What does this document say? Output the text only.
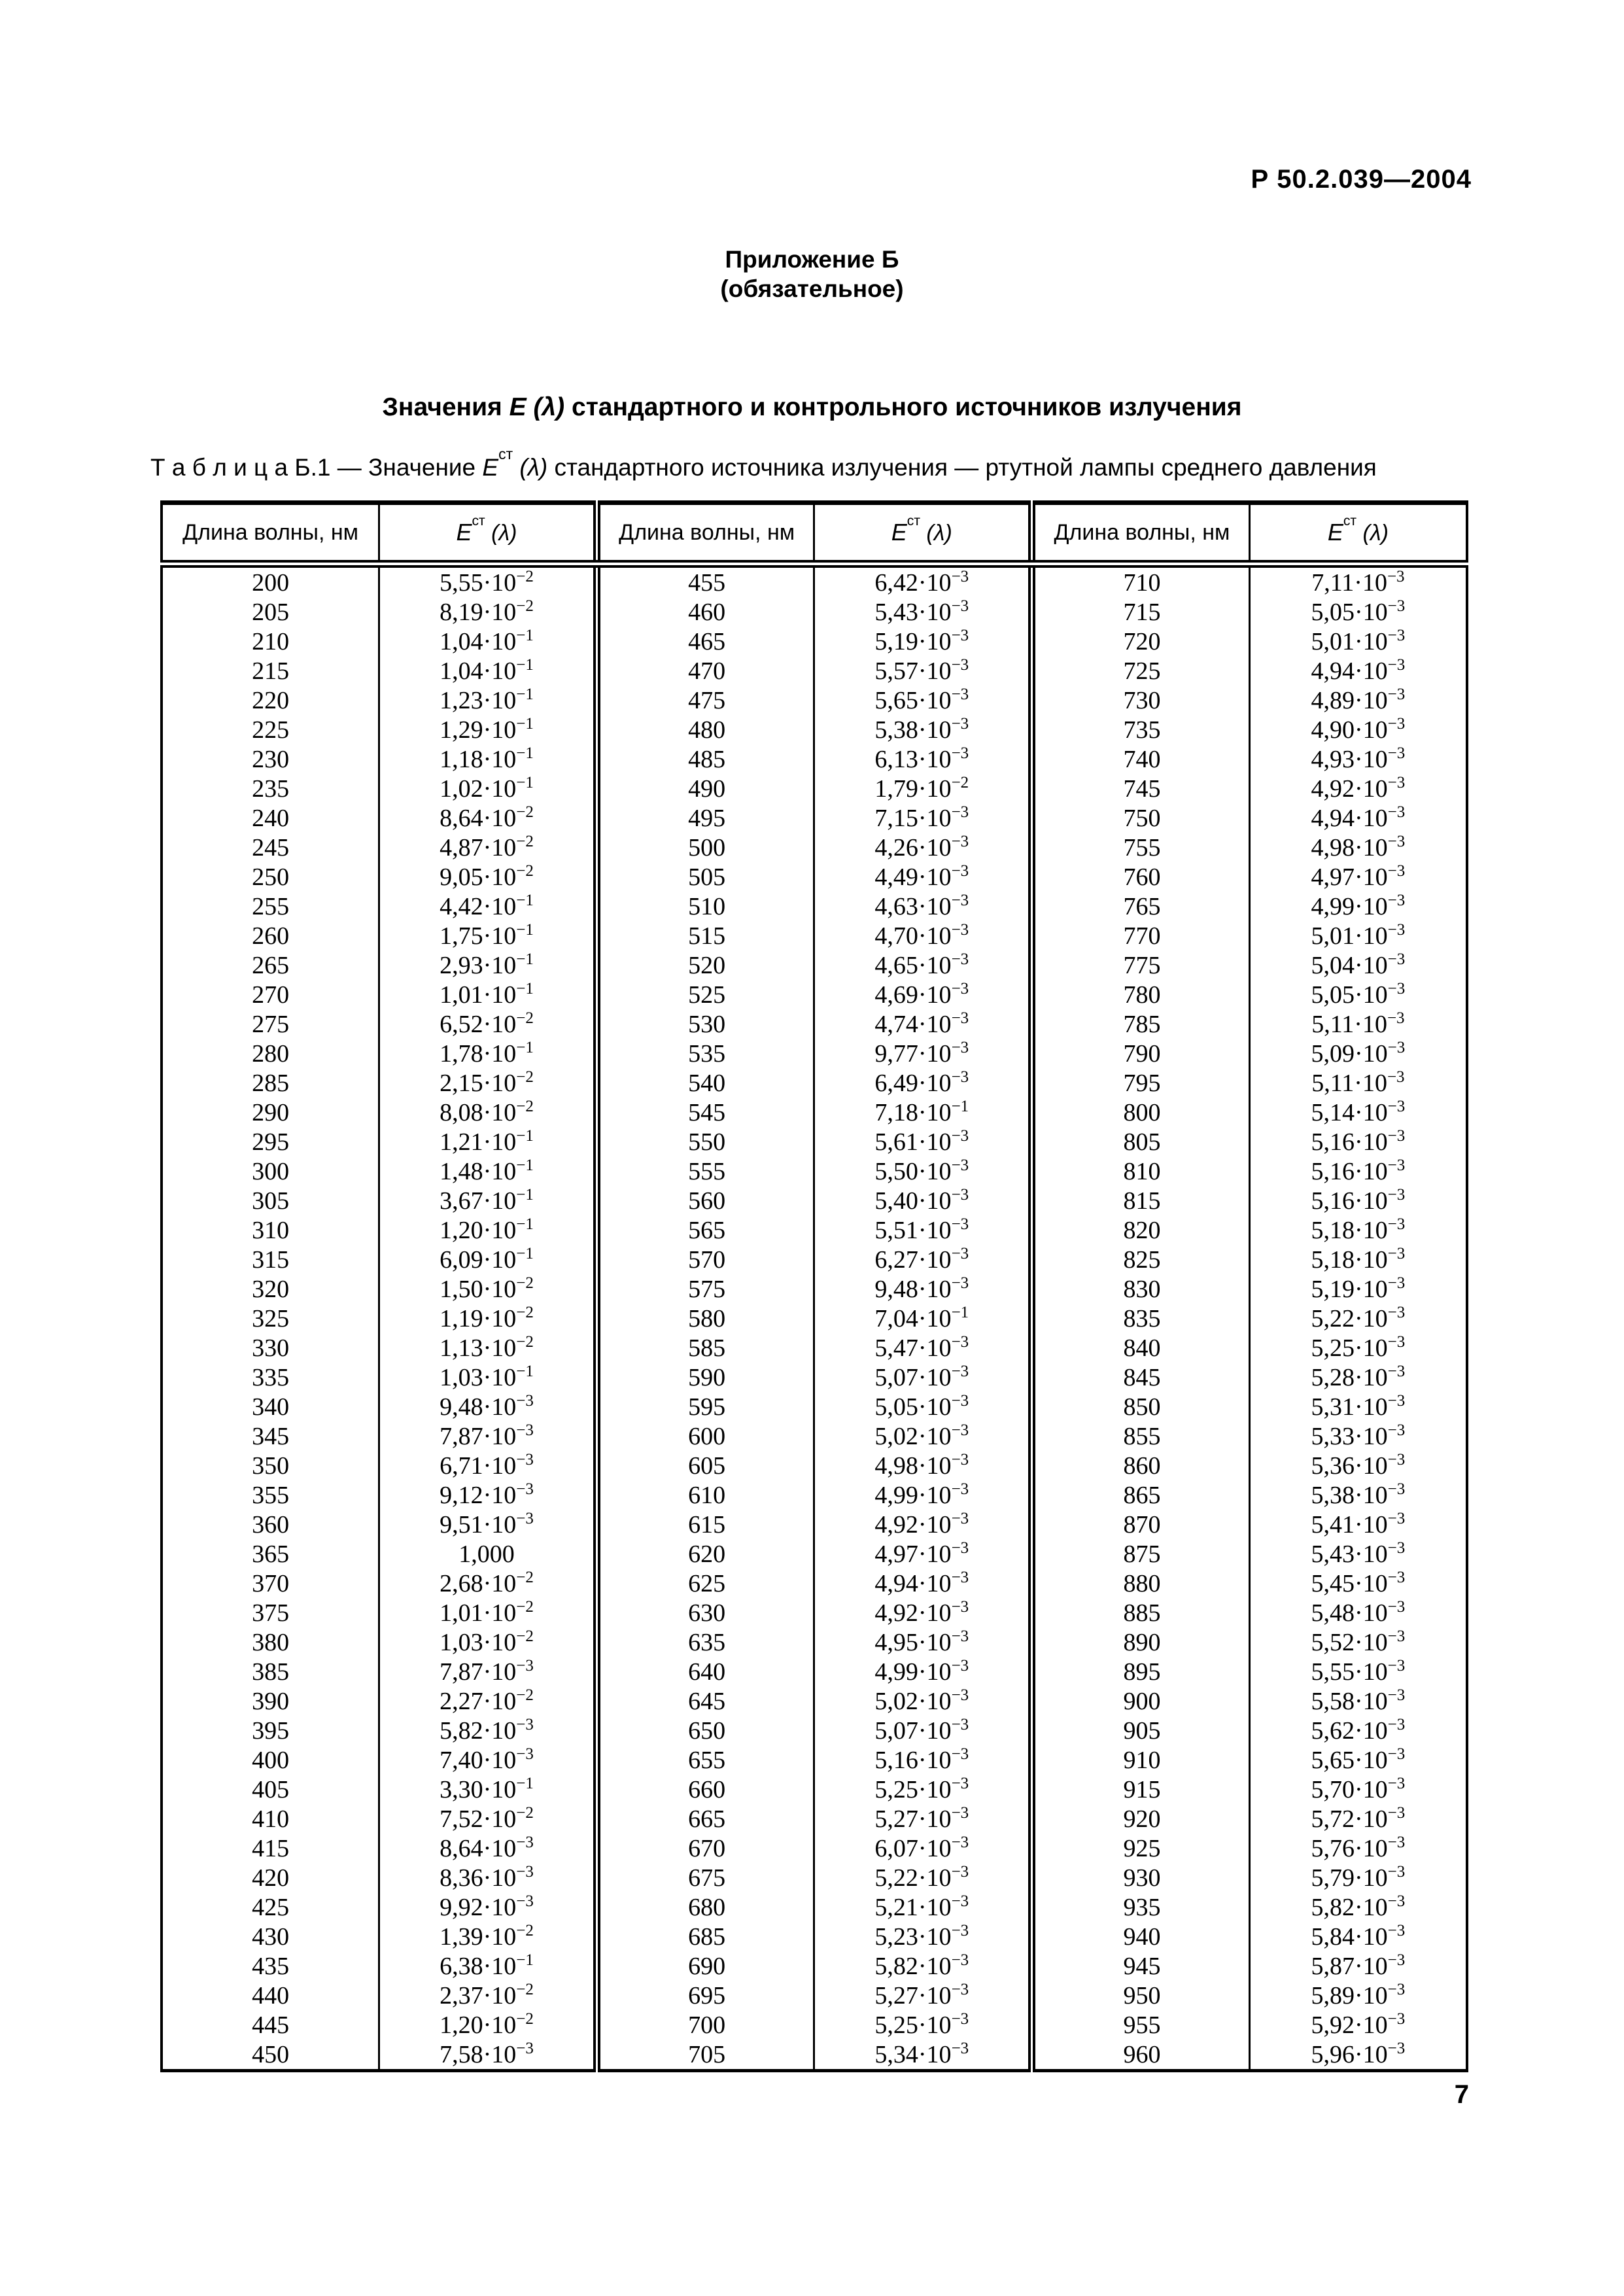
Р 50.2.039—2004
Приложение Б
(обязательное)
Значения E (λ) стандартного и контрольного источников излучения
Т а б л и ц а Б.1 — Значение $E^{ст}$ (λ) стандартного источника излучения — ртутной лампы среднего давления
Длина волны, нм	$E^{ст}$ (λ)	Длина волны, нм	$E^{ст}$ (λ)	Длина волны, нм	$E^{ст}$ (λ)
200	$5,55\cdot 10^{-2}$	455	$6,42\cdot 10^{-3}$	710	$7,11\cdot 10^{-3}$
205	$8,19\cdot 10^{-2}$	460	$5,43\cdot 10^{-3}$	715	$5,05\cdot 10^{-3}$
210	$1,04\cdot 10^{-1}$	465	$5,19\cdot 10^{-3}$	720	$5,01\cdot 10^{-3}$
215	$1,04\cdot 10^{-1}$	470	$5,57\cdot 10^{-3}$	725	$4,94\cdot 10^{-3}$
220	$1,23\cdot 10^{-1}$	475	$5,65\cdot 10^{-3}$	730	$4,89\cdot 10^{-3}$
225	$1,29\cdot 10^{-1}$	480	$5,38\cdot 10^{-3}$	735	$4,90\cdot 10^{-3}$
230	$1,18\cdot 10^{-1}$	485	$6,13\cdot 10^{-3}$	740	$4,93\cdot 10^{-3}$
235	$1,02\cdot 10^{-1}$	490	$1,79\cdot 10^{-2}$	745	$4,92\cdot 10^{-3}$
240	$8,64\cdot 10^{-2}$	495	$7,15\cdot 10^{-3}$	750	$4,94\cdot 10^{-3}$
245	$4,87\cdot 10^{-2}$	500	$4,26\cdot 10^{-3}$	755	$4,98\cdot 10^{-3}$
250	$9,05\cdot 10^{-2}$	505	$4,49\cdot 10^{-3}$	760	$4,97\cdot 10^{-3}$
255	$4,42\cdot 10^{-1}$	510	$4,63\cdot 10^{-3}$	765	$4,99\cdot 10^{-3}$
260	$1,75\cdot 10^{-1}$	515	$4,70\cdot 10^{-3}$	770	$5,01\cdot 10^{-3}$
265	$2,93\cdot 10^{-1}$	520	$4,65\cdot 10^{-3}$	775	$5,04\cdot 10^{-3}$
270	$1,01\cdot 10^{-1}$	525	$4,69\cdot 10^{-3}$	780	$5,05\cdot 10^{-3}$
275	$6,52\cdot 10^{-2}$	530	$4,74\cdot 10^{-3}$	785	$5,11\cdot 10^{-3}$
280	$1,78\cdot 10^{-1}$	535	$9,77\cdot 10^{-3}$	790	$5,09\cdot 10^{-3}$
285	$2,15\cdot 10^{-2}$	540	$6,49\cdot 10^{-3}$	795	$5,11\cdot 10^{-3}$
290	$8,08\cdot 10^{-2}$	545	$7,18\cdot 10^{-1}$	800	$5,14\cdot 10^{-3}$
295	$1,21\cdot 10^{-1}$	550	$5,61\cdot 10^{-3}$	805	$5,16\cdot 10^{-3}$
300	$1,48\cdot 10^{-1}$	555	$5,50\cdot 10^{-3}$	810	$5,16\cdot 10^{-3}$
305	$3,67\cdot 10^{-1}$	560	$5,40\cdot 10^{-3}$	815	$5,16\cdot 10^{-3}$
310	$1,20\cdot 10^{-1}$	565	$5,51\cdot 10^{-3}$	820	$5,18\cdot 10^{-3}$
315	$6,09\cdot 10^{-1}$	570	$6,27\cdot 10^{-3}$	825	$5,18\cdot 10^{-3}$
320	$1,50\cdot 10^{-2}$	575	$9,48\cdot 10^{-3}$	830	$5,19\cdot 10^{-3}$
325	$1,19\cdot 10^{-2}$	580	$7,04\cdot 10^{-1}$	835	$5,22\cdot 10^{-3}$
330	$1,13\cdot 10^{-2}$	585	$5,47\cdot 10^{-3}$	840	$5,25\cdot 10^{-3}$
335	$1,03\cdot 10^{-1}$	590	$5,07\cdot 10^{-3}$	845	$5,28\cdot 10^{-3}$
340	$9,48\cdot 10^{-3}$	595	$5,05\cdot 10^{-3}$	850	$5,31\cdot 10^{-3}$
345	$7,87\cdot 10^{-3}$	600	$5,02\cdot 10^{-3}$	855	$5,33\cdot 10^{-3}$
350	$6,71\cdot 10^{-3}$	605	$4,98\cdot 10^{-3}$	860	$5,36\cdot 10^{-3}$
355	$9,12\cdot 10^{-3}$	610	$4,99\cdot 10^{-3}$	865	$5,38\cdot 10^{-3}$
360	$9,51\cdot 10^{-3}$	615	$4,92\cdot 10^{-3}$	870	$5,41\cdot 10^{-3}$
365	1,000	620	$4,97\cdot 10^{-3}$	875	$5,43\cdot 10^{-3}$
370	$2,68\cdot 10^{-2}$	625	$4,94\cdot 10^{-3}$	880	$5,45\cdot 10^{-3}$
375	$1,01\cdot 10^{-2}$	630	$4,92\cdot 10^{-3}$	885	$5,48\cdot 10^{-3}$
380	$1,03\cdot 10^{-2}$	635	$4,95\cdot 10^{-3}$	890	$5,52\cdot 10^{-3}$
385	$7,87\cdot 10^{-3}$	640	$4,99\cdot 10^{-3}$	895	$5,55\cdot 10^{-3}$
390	$2,27\cdot 10^{-2}$	645	$5,02\cdot 10^{-3}$	900	$5,58\cdot 10^{-3}$
395	$5,82\cdot 10^{-3}$	650	$5,07\cdot 10^{-3}$	905	$5,62\cdot 10^{-3}$
400	$7,40\cdot 10^{-3}$	655	$5,16\cdot 10^{-3}$	910	$5,65\cdot 10^{-3}$
405	$3,30\cdot 10^{-1}$	660	$5,25\cdot 10^{-3}$	915	$5,70\cdot 10^{-3}$
410	$7,52\cdot 10^{-2}$	665	$5,27\cdot 10^{-3}$	920	$5,72\cdot 10^{-3}$
415	$8,64\cdot 10^{-3}$	670	$6,07\cdot 10^{-3}$	925	$5,76\cdot 10^{-3}$
420	$8,36\cdot 10^{-3}$	675	$5,22\cdot 10^{-3}$	930	$5,79\cdot 10^{-3}$
425	$9,92\cdot 10^{-3}$	680	$5,21\cdot 10^{-3}$	935	$5,82\cdot 10^{-3}$
430	$1,39\cdot 10^{-2}$	685	$5,23\cdot 10^{-3}$	940	$5,84\cdot 10^{-3}$
435	$6,38\cdot 10^{-1}$	690	$5,82\cdot 10^{-3}$	945	$5,87\cdot 10^{-3}$
440	$2,37\cdot 10^{-2}$	695	$5,27\cdot 10^{-3}$	950	$5,89\cdot 10^{-3}$
445	$1,20\cdot 10^{-2}$	700	$5,25\cdot 10^{-3}$	955	$5,92\cdot 10^{-3}$
450	$7,58\cdot 10^{-3}$	705	$5,34\cdot 10^{-3}$	960	$5,96\cdot 10^{-3}$
7
